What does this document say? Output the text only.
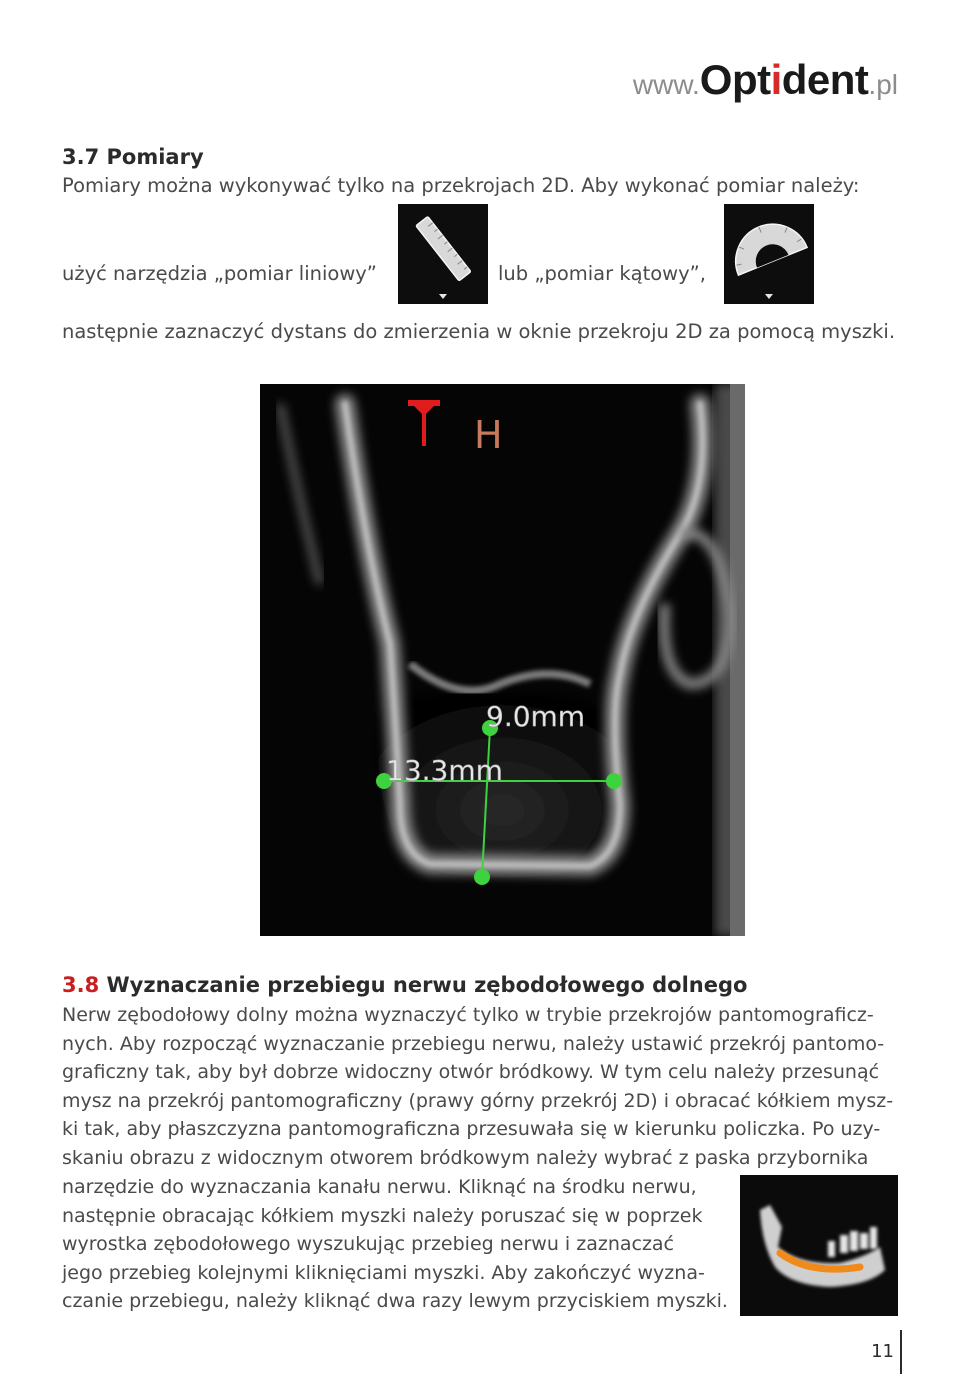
www.Optident.pl
3.7 Pomiary
Pomiary można wykonywać tylko na przekrojach 2D. Aby wykonać pomiar należy:
użyć narzędzia „pomiar liniowy”	lub „pomiar kątowy”,
następnie zaznaczyć dystans do zmierzenia w oknie przekroju 2D za pomocą myszki.
H
9.0mm
13.3mm
3.8 Wyznaczanie przebiegu nerwu zębodołowego dolnego
Nerw zębodołowy dolny można wyznaczyć tylko w trybie przekrojów pantomograficz-
nych. Aby rozpocząć wyznaczanie przebiegu nerwu, należy ustawić przekrój pantomo-
graficzny tak, aby był dobrze widoczny otwór bródkowy. W tym celu należy przesunąć
mysz na przekrój pantomograficzny (prawy górny przekrój 2D) i obracać kółkiem mysz-
ki tak, aby płaszczyzna pantomograficzna przesuwała się w kierunku policzka. Po uzy-
skaniu obrazu z widocznym otworem bródkowym należy wybrać z paska przybornika
narzędzie do wyznaczania kanału nerwu. Kliknąć na środku nerwu,
następnie obracając kółkiem myszki należy poruszać się w poprzek
wyrostka zębodołowego wyszukując przebieg nerwu i zaznaczać
jego przebieg kolejnymi kliknięciami myszki. Aby zakończyć wyzna-
czanie przebiegu, należy kliknąć dwa razy lewym przyciskiem myszki.
11
